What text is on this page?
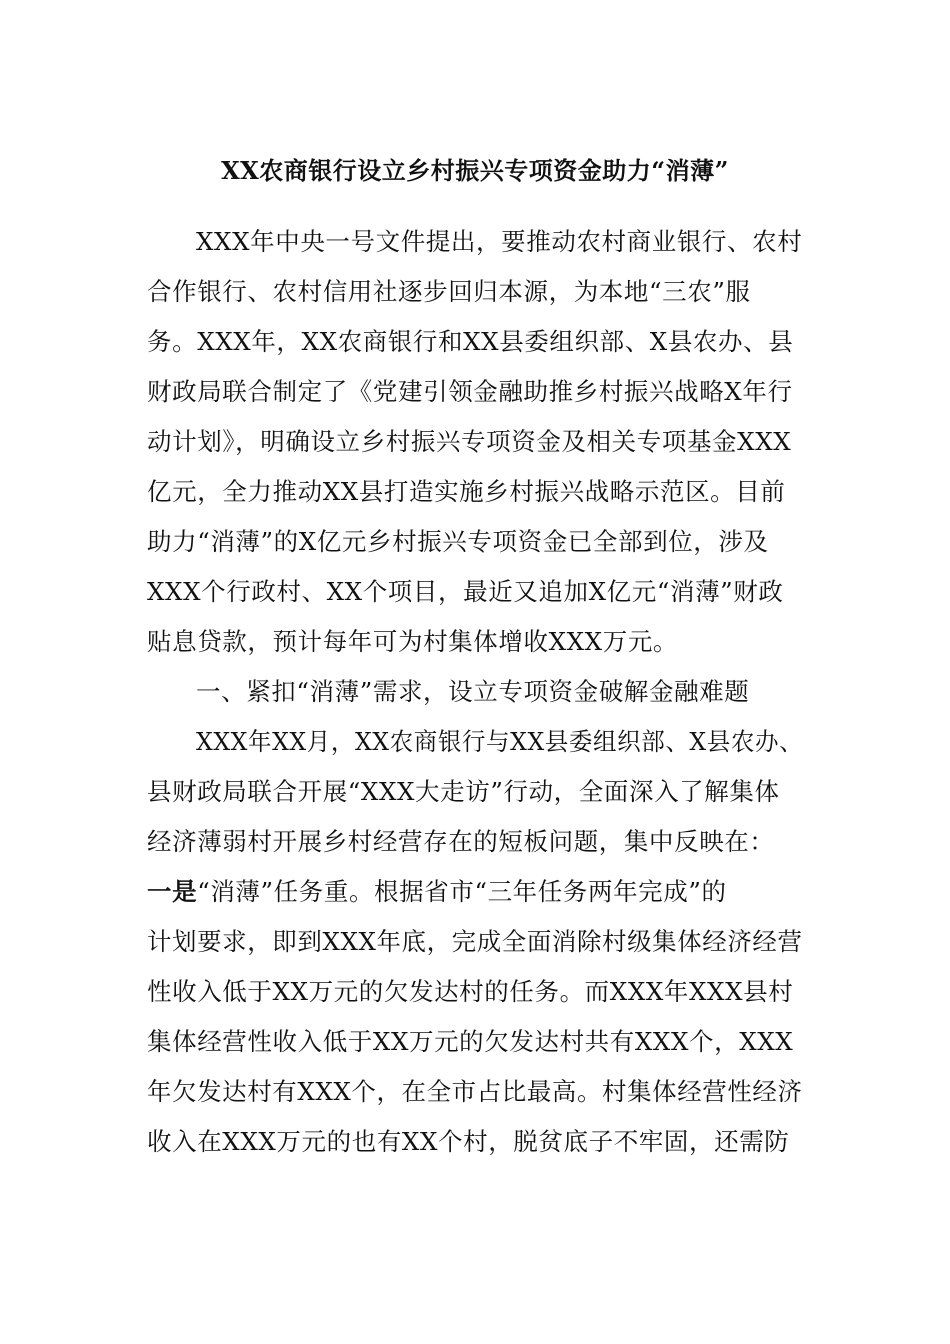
XX农商银行设立乡村振兴专项资金助力“消薄”
XXX年中央一号文件提出，要推动农村商业银行、农村
合作银行、农村信用社逐步回归本源，为本地“三农”服
务。XXX年，XX农商银行和XX县委组织部、X县农办、县
财政局联合制定了《党建引领金融助推乡村振兴战略X年行
动计划》，明确设立乡村振兴专项资金及相关专项基金XXX
亿元，全力推动XX县打造实施乡村振兴战略示范区。目前
助力“消薄”的X亿元乡村振兴专项资金已全部到位，涉及
XXX个行政村、XX个项目，最近又追加X亿元“消薄”财政
贴息贷款，预计每年可为村集体增收XXX万元。
一、紧扣“消薄”需求，设立专项资金破解金融难题
XXX年XX月，XX农商银行与XX县委组织部、X县农办、
县财政局联合开展“XXX大走访”行动，全面深入了解集体
经济薄弱村开展乡村经营存在的短板问题，集中反映在：
一是“消薄”任务重。根据省市“三年任务两年完成”的
计划要求，即到XXX年底，完成全面消除村级集体经济经营
性收入低于XX万元的欠发达村的任务。而XXX年XXX县村
集体经营性收入低于XX万元的欠发达村共有XXX个，XXX
年欠发达村有XXX个，在全市占比最高。村集体经营性经济
收入在XXX万元的也有XX个村，脱贫底子不牢固，还需防
